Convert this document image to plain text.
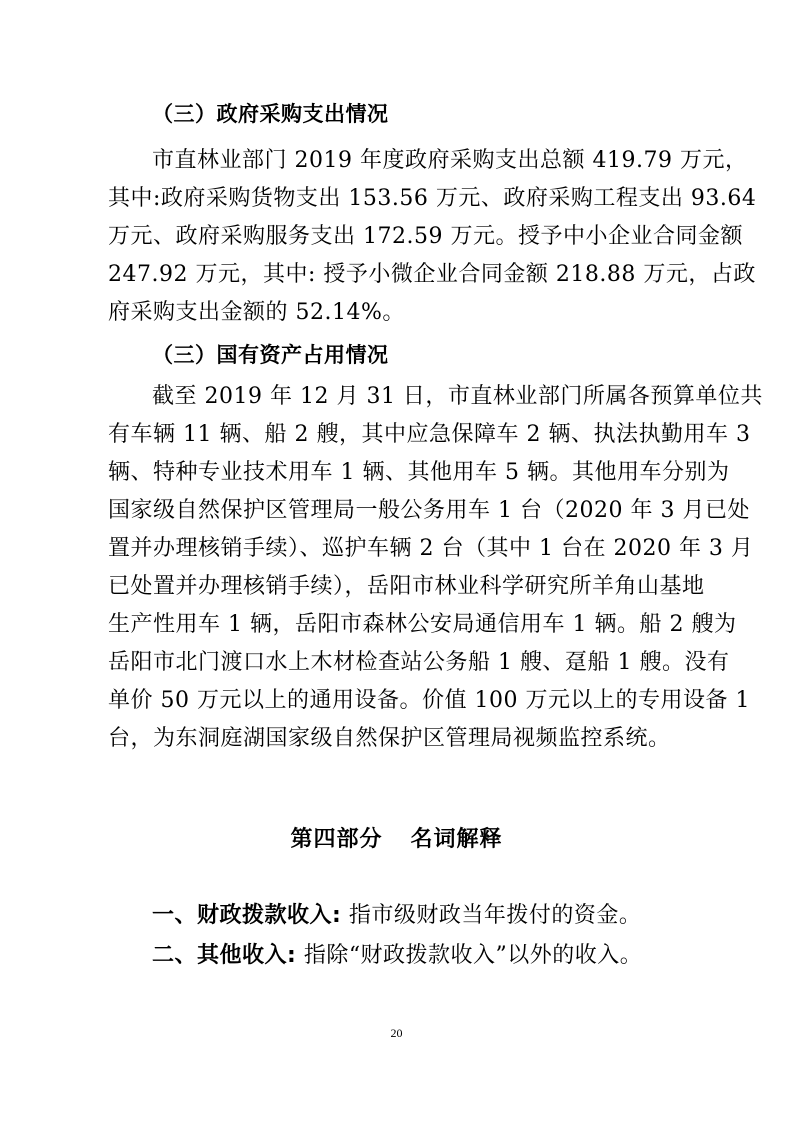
（三）政府采购支出情况
市直林业部门 2019 年度政府采购支出总额 419.79 万元，
其中:政府采购货物支出 153.56 万元、政府采购工程支出 93.64
万元、政府采购服务支出 172.59 万元。授予中小企业合同金额
247.92 万元，其中: 授予小微企业合同金额 218.88 万元，占政
府采购支出金额的 52.14%。
（三）国有资产占用情况
截至 2019 年 12 月 31 日，市直林业部门所属各预算单位共
有车辆 11 辆、船 2 艘，其中应急保障车 2 辆、执法执勤用车 3
辆、特种专业技术用车 1 辆、其他用车 5 辆。其他用车分别为
国家级自然保护区管理局一般公务用车 1 台（2020 年 3 月已处
置并办理核销手续）、巡护车辆 2 台（其中 1 台在 2020 年 3 月
已处置并办理核销手续），岳阳市林业科学研究所羊角山基地
生产性用车 1 辆，岳阳市森林公安局通信用车 1 辆。船 2 艘为
岳阳市北门渡口水上木材检查站公务船 1 艘、趸船 1 艘。没有
单价 50 万元以上的通用设备。价值 100 万元以上的专用设备 1
台，为东洞庭湖国家级自然保护区管理局视频监控系统。
第四部分 名词解释
一、财政拨款收入: 指市级财政当年拨付的资金。
二、其他收入: 指除“财政拨款收入”以外的收入。
20
